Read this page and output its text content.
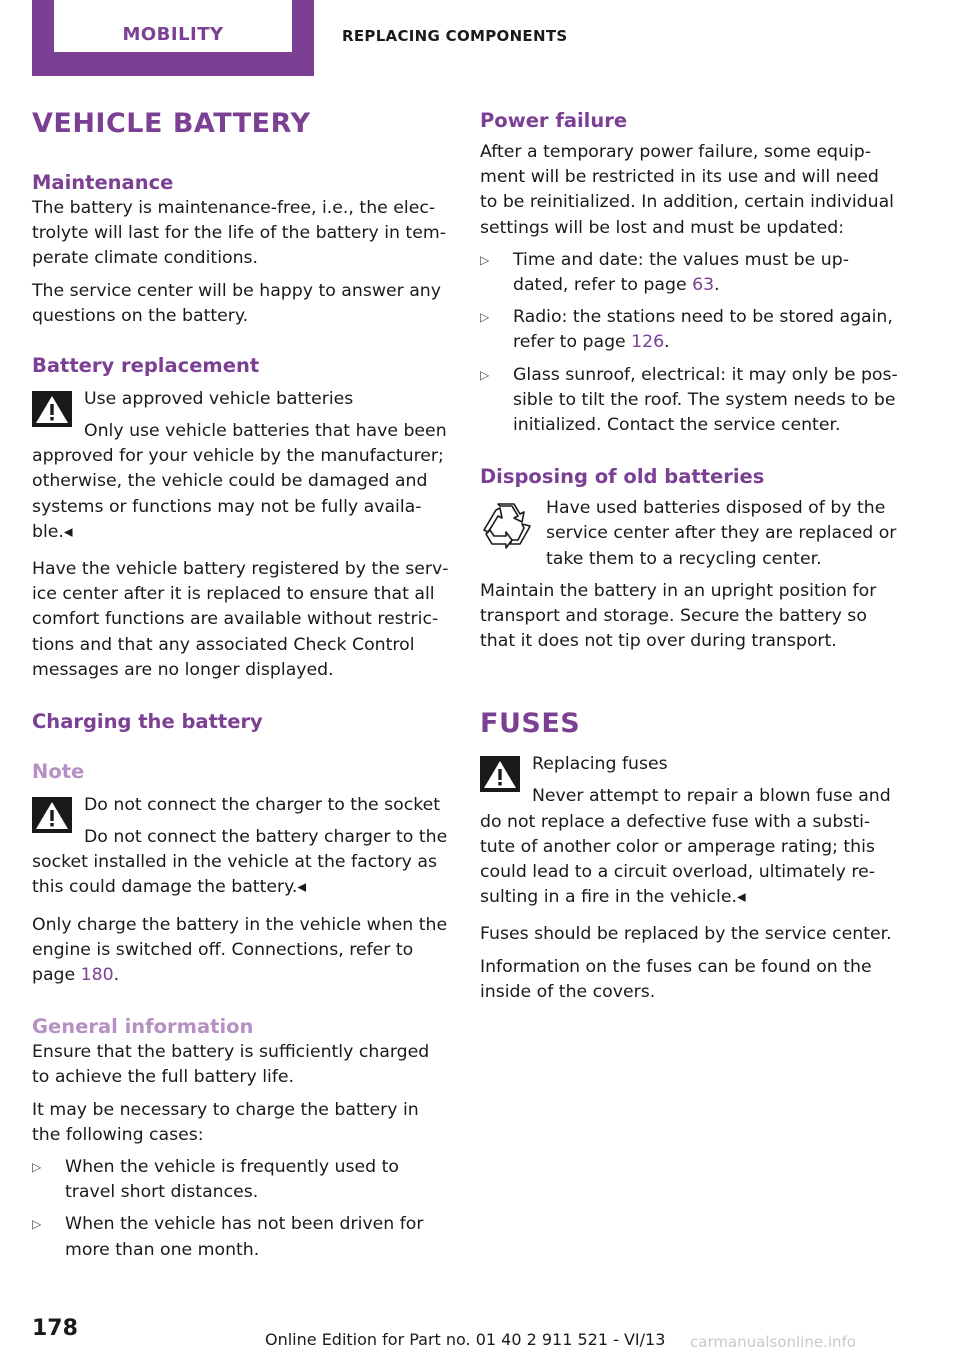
MOBILITY	REPLACING COMPONENTS
VEHICLE BATTERY
Maintenance

The battery is maintenance-free, i.e., the electrolyte will last for the life of the battery in temperate climate conditions.

The service center will be happy to answer any questions on the battery.

Battery replacement
Use approved vehicle batteries

Only use vehicle batteries that have been approved for your vehicle by the manufacturer; otherwise, the vehicle could be damaged and systems or functions may not be fully available.◂

Have the vehicle battery registered by the service center after it is replaced to ensure that all comfort functions are available without restrictions and that any associated Check Control messages are no longer displayed.

Charging the battery
Note
Do not connect the charger to the socket

Do not connect the battery charger to the socket installed in the vehicle at the factory as this could damage the battery.◂

Only charge the battery in the vehicle when the engine is switched off. Connections, refer to page 180.

General information

Ensure that the battery is sufficiently charged to achieve the full battery life.

It may be necessary to charge the battery in the following cases:

▷ When the vehicle is frequently used to travel short distances.
▷ When the vehicle has not been driven for more than one month.
Power failure

After a temporary power failure, some equipment will be restricted in its use and will need to be reinitialized. In addition, certain individual settings will be lost and must be updated:

▷ Time and date: the values must be updated, refer to page 63.
▷ Radio: the stations need to be stored again, refer to page 126.
▷ Glass sunroof, electrical: it may only be possible to tilt the roof. The system needs to be initialized. Contact the service center.
Disposing of old batteries

Have used batteries disposed of by the service center after they are replaced or take them to a recycling center.

Maintain the battery in an upright position for transport and storage. Secure the battery so that it does not tip over during transport.

FUSES
Replacing fuses

Never attempt to repair a blown fuse and do not replace a defective fuse with a substitute of another color or amperage rating; this could lead to a circuit overload, ultimately resulting in a fire in the vehicle.◂

Fuses should be replaced by the service center.

Information on the fuses can be found on the inside of the covers.

178	Online Edition for Part no. 01 40 2 911 521 - VI/13 carmanualsonline.info
